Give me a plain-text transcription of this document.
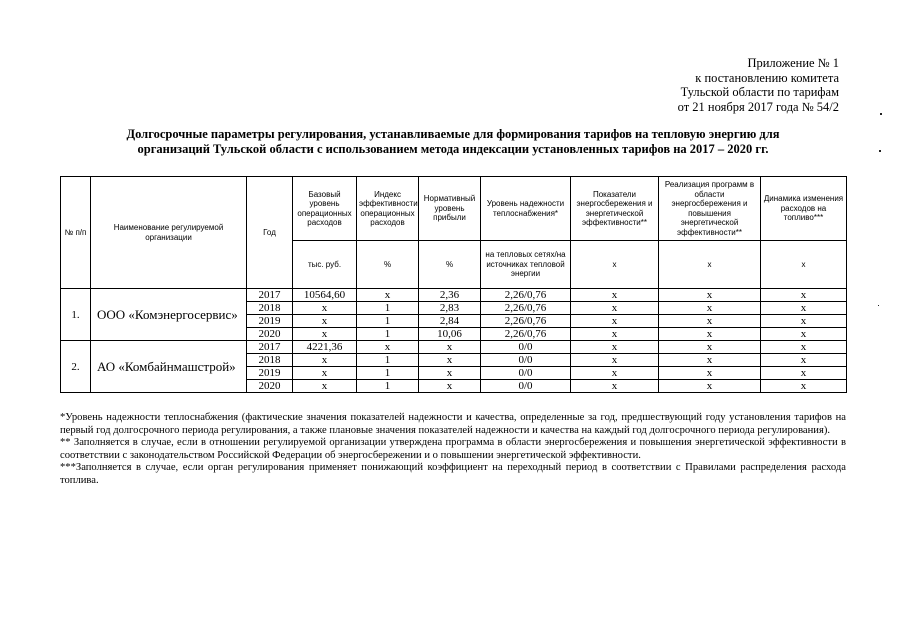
Приложение № 1
к постановлению комитета
Тульской области по тарифам
от 21 ноября 2017 года № 54/2
Долгосрочные параметры регулирования, устанавливаемые для формирования тарифов на тепловую энергию для
организаций Тульской области с использованием метода индексации установленных тарифов на 2017 – 2020 гг.
№ п/п	Наименование регулируемой организации	Год	Базовый уровень операционных расходов	Индекс эффективности операционных расходов	Нормативный уровень прибыли	Уровень надежности теплоснабжения*	Показатели энергосбережения и энергетической эффективности**	Реализация программ в области энергосбережения и повышения энергетической эффективности**	Динамика изменения расходов на топливо***
			тыс. руб.	%	%	на тепловых сетях/на источниках тепловой энергии	х	х	х
1.	ООО «Комэнергосервис»	2017	10564,60	х	2,36	2,26/0,76	х	х	х
		2018	х	1	2,83	2,26/0,76	х	х	х
		2019	х	1	2,84	2,26/0,76	х	х	х
		2020	х	1	10,06	2,26/0,76	х	х	х
2.	АО «Комбайнмашстрой»	2017	4221,36	х	х	0/0	х	х	х
		2018	х	1	х	0/0	х	х	х
		2019	х	1	х	0/0	х	х	х
		2020	х	1	х	0/0	х	х	х

*Уровень надежности теплоснабжения (фактические значения показателей надежности и качества, определенные за год, предшествующий году установления тарифов на первый год долгосрочного периода регулирования, а также плановые значения показателей надежности и качества на каждый год долгосрочного периода регулирования).

** Заполняется в случае, если в отношении регулируемой организации утверждена программа в области энергосбережения и повышения энергетической эффективности в соответствии с законодательством Российской Федерации об энергосбережении и о повышении энергетической эффективности.

***Заполняется в случае, если орган регулирования применяет понижающий коэффициент на переходный период в соответствии с Правилами распределения расхода топлива.
